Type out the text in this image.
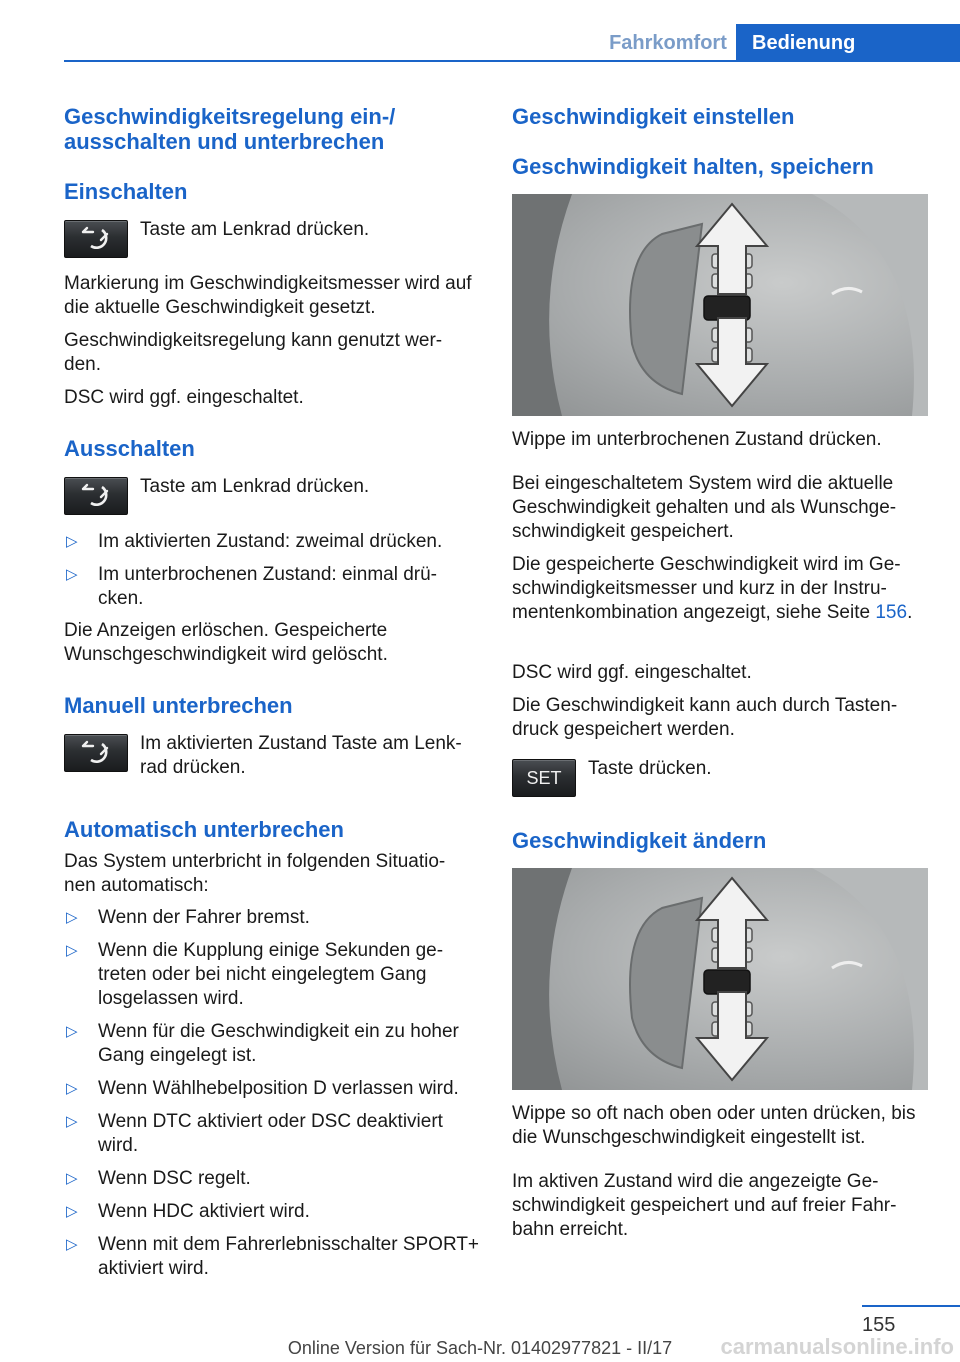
Fahrkomfort	Bedienung
Geschwindigkeitsregelung ein-/ ausschalten und unterbrechen
Einschalten
Taste am Lenkrad drücken.
Markierung im Geschwindigkeitsmesser wird auf die aktuelle Geschwindigkeit gesetzt.
Geschwindigkeitsregelung kann genutzt wer‐ den.
DSC wird ggf. eingeschaltet.
Ausschalten
Taste am Lenkrad drücken.
▷ Im aktivierten Zustand: zweimal drücken.
▷ Im unterbrochenen Zustand: einmal drü‐ cken.
Die Anzeigen erlöschen. Gespeicherte Wunschgeschwindigkeit wird gelöscht.
Manuell unterbrechen
Im aktivierten Zustand Taste am Lenk‐ rad drücken.
Automatisch unterbrechen
Das System unterbricht in folgenden Situatio‐ nen automatisch:
▷ Wenn der Fahrer bremst.
▷ Wenn die Kupplung einige Sekunden ge‐ treten oder bei nicht eingelegtem Gang losgelassen wird.
▷ Wenn für die Geschwindigkeit ein zu hoher Gang eingelegt ist.
▷ Wenn Wählhebelposition D verlassen wird.
▷ Wenn DTC aktiviert oder DSC deaktiviert wird.
▷ Wenn DSC regelt.
▷ Wenn HDC aktiviert wird.
▷ Wenn mit dem Fahrerlebnisschalter SPORT+ aktiviert wird.
Geschwindigkeit einstellen
Geschwindigkeit halten, speichern
Wippe im unterbrochenen Zustand drücken.
Bei eingeschaltetem System wird die aktuelle Geschwindigkeit gehalten und als Wunschge‐ schwindigkeit gespeichert.
Die gespeicherte Geschwindigkeit wird im Ge‐ schwindigkeitsmesser und kurz in der Instru‐ mentenkombination angezeigt, siehe Seite 156.
DSC wird ggf. eingeschaltet.
Die Geschwindigkeit kann auch durch Tasten‐ druck gespeichert werden.
SET	Taste drücken.
Geschwindigkeit ändern
Wippe so oft nach oben oder unten drücken, bis die Wunschgeschwindigkeit eingestellt ist.
Im aktiven Zustand wird die angezeigte Ge‐ schwindigkeit gespeichert und auf freier Fahr‐ bahn erreicht.
155
Online Version für Sach-Nr. 01402977821 - II/17	carmanualsonline.info
